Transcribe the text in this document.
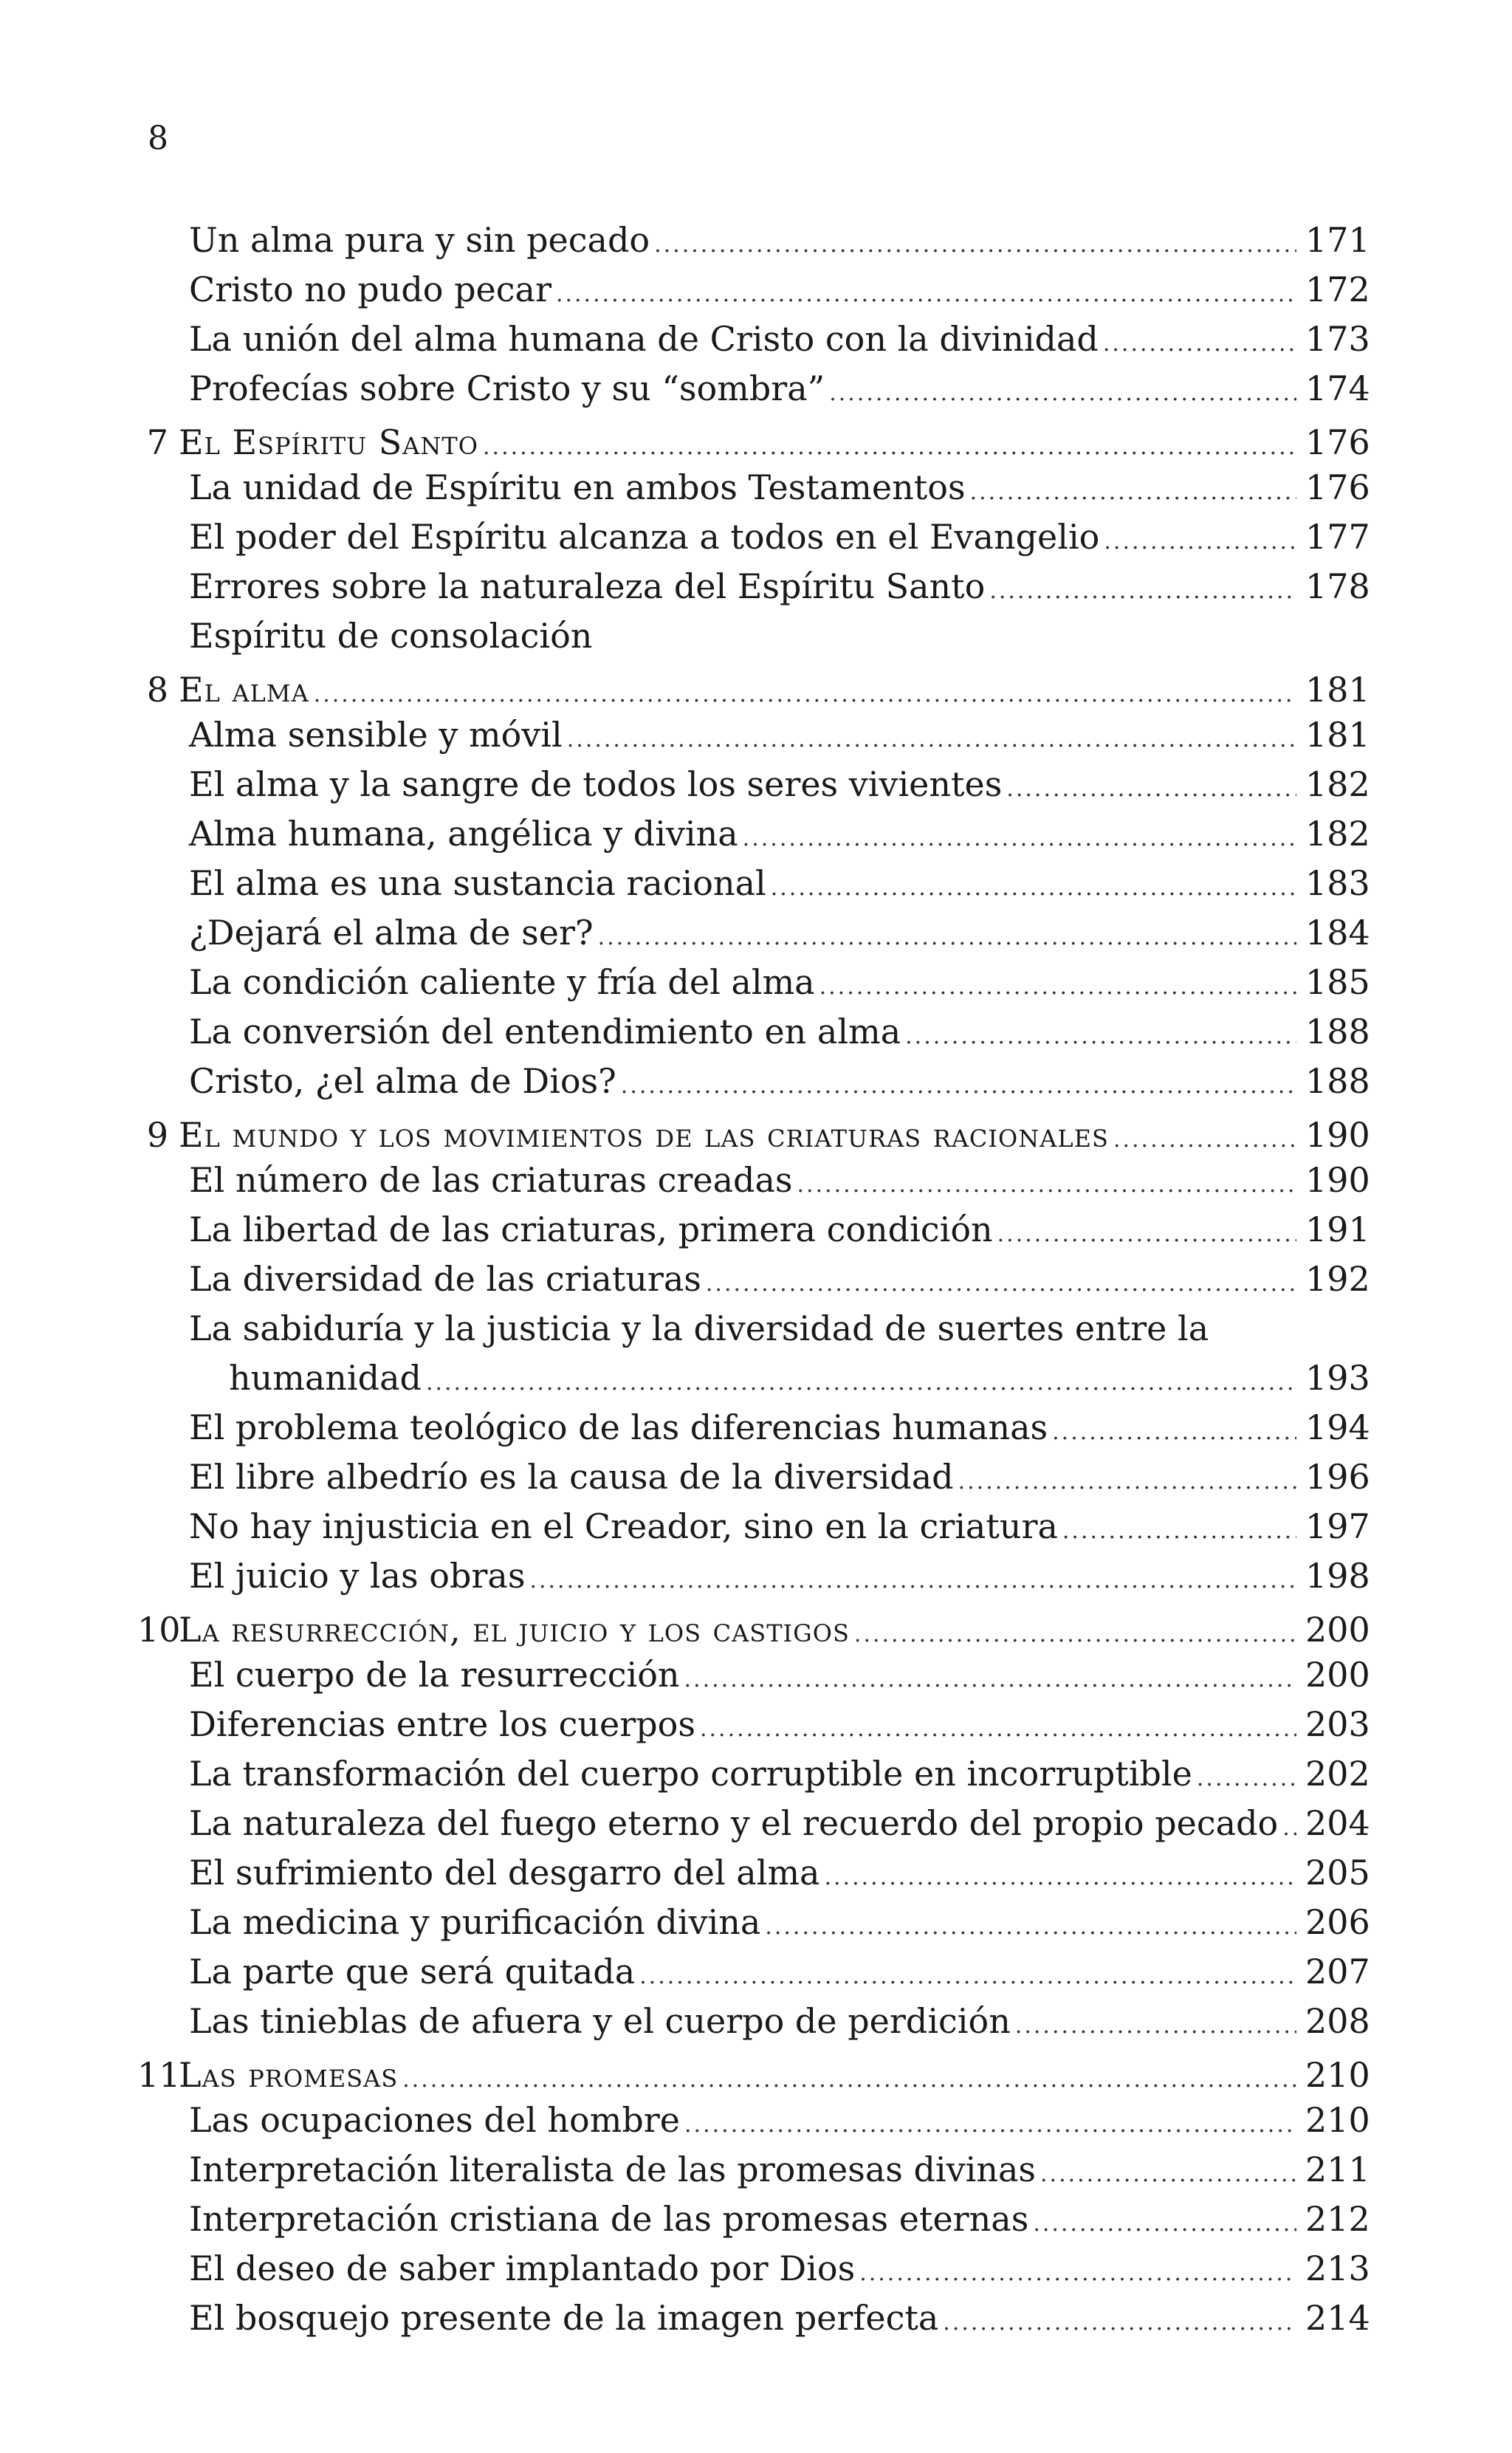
8
Un alma pura y sin pecado .....	171
Cristo no pudo pecar .....	172
La unión del alma humana de Cristo con la divinidad .....	173
Profecías sobre Cristo y su “sombra” .....	174
7 El Espíritu Santo .....	176
La unidad de Espíritu en ambos Testamentos .....	176
El poder del Espíritu alcanza a todos en el Evangelio .....	177
Errores sobre la naturaleza del Espíritu Santo .....	178
Espíritu de consolación
8 El alma .....	181
Alma sensible y móvil .....	181
El alma y la sangre de todos los seres vivientes .....	182
Alma humana, angélica y divina .....	182
El alma es una sustancia racional .....	183
¿Dejará el alma de ser? .....	184
La condición caliente y fría del alma .....	185
La conversión del entendimiento en alma .....	188
Cristo, ¿el alma de Dios? .....	188
9 El mundo y los movimientos de las criaturas racionales .....	190
El número de las criaturas creadas .....	190
La libertad de las criaturas, primera condición .....	191
La diversidad de las criaturas .....	192
La sabiduría y la justicia y la diversidad de suertes entre la
humanidad .....	193
El problema teológico de las diferencias humanas .....	194
El libre albedrío es la causa de la diversidad .....	196
No hay injusticia en el Creador, sino en la criatura .....	197
El juicio y las obras .....	198
10
La resurrección, el juicio y los castigos .....	200
El cuerpo de la resurrección .....	200
Diferencias entre los cuerpos .....	203
La transformación del cuerpo corruptible en incorruptible .....	202
La naturaleza del fuego eterno y el recuerdo del propio pecado ..... 204
El sufrimiento del desgarro del alma .....	205
La medicina y purificación divina .....	206
La parte que será quitada .....	207
Las tinieblas de afuera y el cuerpo de perdición .....	208
11
Las promesas .....	210
Las ocupaciones del hombre .....	210
Interpretación literalista de las promesas divinas .....	211
Interpretación cristiana de las promesas eternas .....	212
El deseo de saber implantado por Dios .....	213
El bosquejo presente de la imagen perfecta .....	214
